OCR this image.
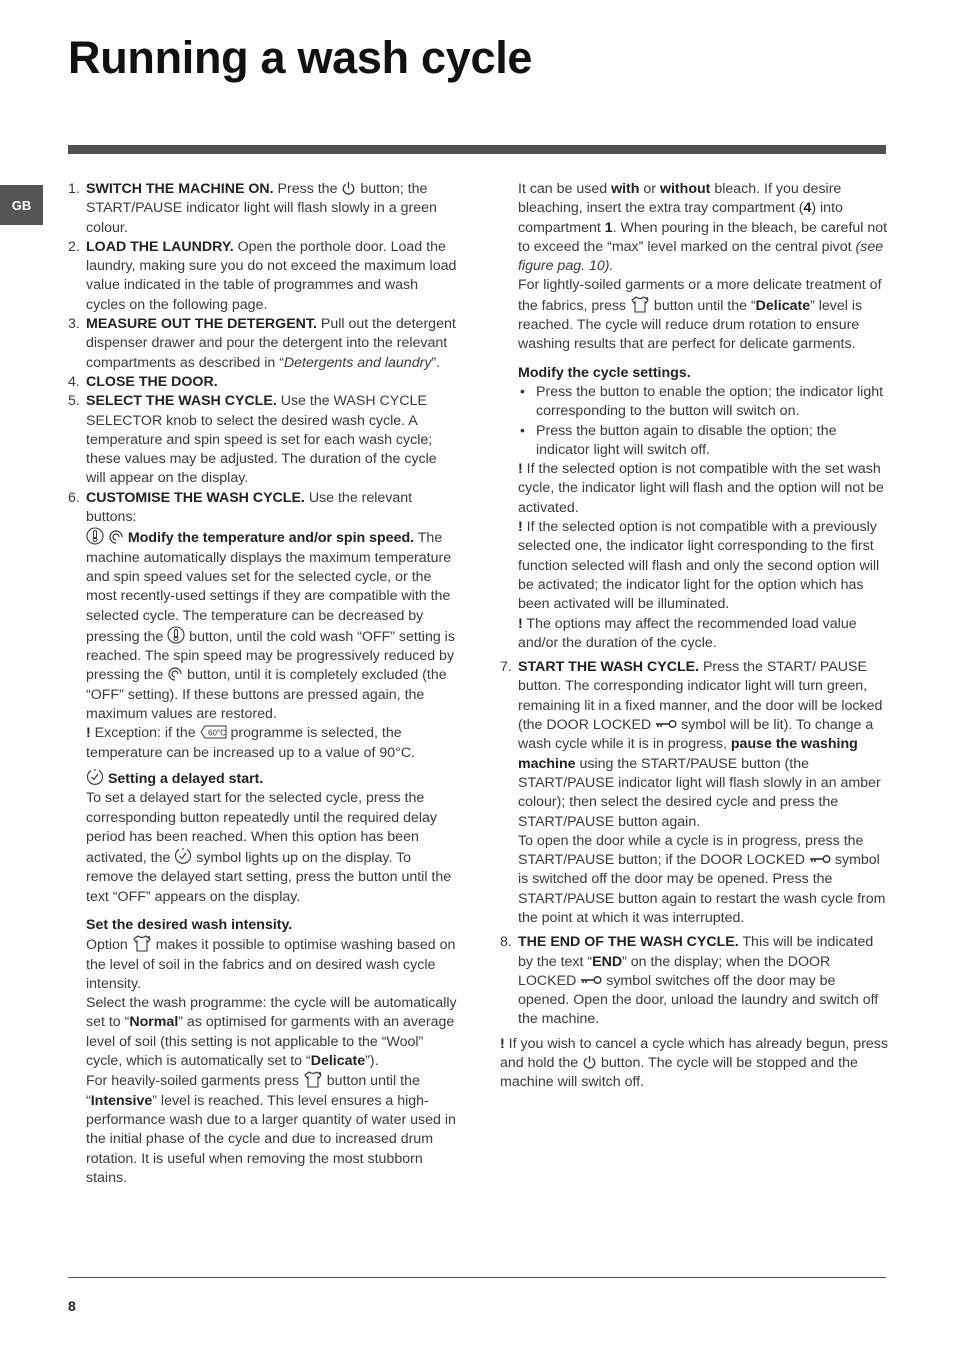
Running a wash cycle
GB
1. SWITCH THE MACHINE ON. Press the
button; the START/PAUSE indicator light will flash slowly in a green colour.
2. LOAD THE LAUNDRY. Open the porthole door. Load the laundry, making sure you do not exceed the maximum load value indicated in the table of programmes and wash cycles on the following page.
3. MEASURE OUT THE DETERGENT. Pull out the detergent dispenser drawer and pour the detergent into the relevant compartments as described in “Detergents and laundry”.
4. CLOSE THE DOOR.
5. SELECT THE WASH CYCLE. Use the WASH CYCLE SELECTOR knob to select the desired wash cycle. A temperature and spin speed is set for each wash cycle; these values may be adjusted. The duration of the cycle will appear on the display.
6. CUSTOMISE THE WASH CYCLE. Use the relevant buttons:

Modify the temperature and/or spin speed. The machine automatically displays the maximum temperature and spin speed values set for the selected cycle, or the most recently-used settings if they are compatible with the selected cycle. The temperature can be decreased by pressing the
button, until the cold wash “OFF” setting is reached. The spin speed may be progressively reduced by pressing the
button, until it is completely excluded (the “OFF” setting). If these buttons are pressed again, the maximum values are restored.
! Exception: if the 60°C programme is selected, the temperature can be increased up to a value of 90°C.
Setting a delayed start.
To set a delayed start for the selected cycle, press the corresponding button repeatedly until the required delay period has been reached. When this option has been activated, the
symbol lights up on the display. To remove the delayed start setting, press the button until the text “OFF” appears on the display.
Set the desired wash intensity.
Option
makes it possible to optimise washing based on the level of soil in the fabrics and on desired wash cycle intensity.
Select the wash programme: the cycle will be automatically set to “Normal” as optimised for garments with an average level of soil (this setting is not applicable to the “Wool” cycle, which is automatically set to “Delicate”).
For heavily-soiled garments press
button until the “Intensive” level is reached. This level ensures a high-performance wash due to a larger quantity of water used in the initial phase of the cycle and due to increased drum rotation. It is useful when removing the most stubborn stains.
It can be used with or without bleach. If you desire bleaching, insert the extra tray compartment (4) into compartment 1. When pouring in the bleach, be careful not to exceed the “max” level marked on the central pivot (see figure pag. 10).
For lightly-soiled garments or a more delicate treatment of the fabrics, press
button until the “Delicate” level is reached. The cycle will reduce drum rotation to ensure washing results that are perfect for delicate garments.
Modify the cycle settings.
• Press the button to enable the option; the indicator light corresponding to the button will switch on.
• Press the button again to disable the option; the indicator light will switch off.
! If the selected option is not compatible with the set wash cycle, the indicator light will flash and the option will not be activated.
! If the selected option is not compatible with a previously selected one, the indicator light corresponding to the first function selected will flash and only the second option will be activated; the indicator light for the option which has been activated will be illuminated.
! The options may affect the recommended load value and/or the duration of the cycle.
7. START THE WASH CYCLE. Press the START/ PAUSE button. The corresponding indicator light will turn green, remaining lit in a fixed manner, and the door will be locked (the DOOR LOCKED
symbol will be lit). To change a wash cycle while it is in progress, pause the washing machine using the START/PAUSE button (the START/PAUSE indicator light will flash slowly in an amber colour); then select the desired cycle and press the START/PAUSE button again.
To open the door while a cycle is in progress, press the START/PAUSE button; if the DOOR LOCKED
symbol is switched off the door may be opened. Press the START/PAUSE button again to restart the wash cycle from the point at which it was interrupted.
8. THE END OF THE WASH CYCLE. This will be indicated by the text “END” on the display; when the DOOR LOCKED
symbol switches off the door may be opened. Open the door, unload the laundry and switch off the machine.
! If you wish to cancel a cycle which has already begun, press and hold the
button. The cycle will be stopped and the machine will switch off.
8
